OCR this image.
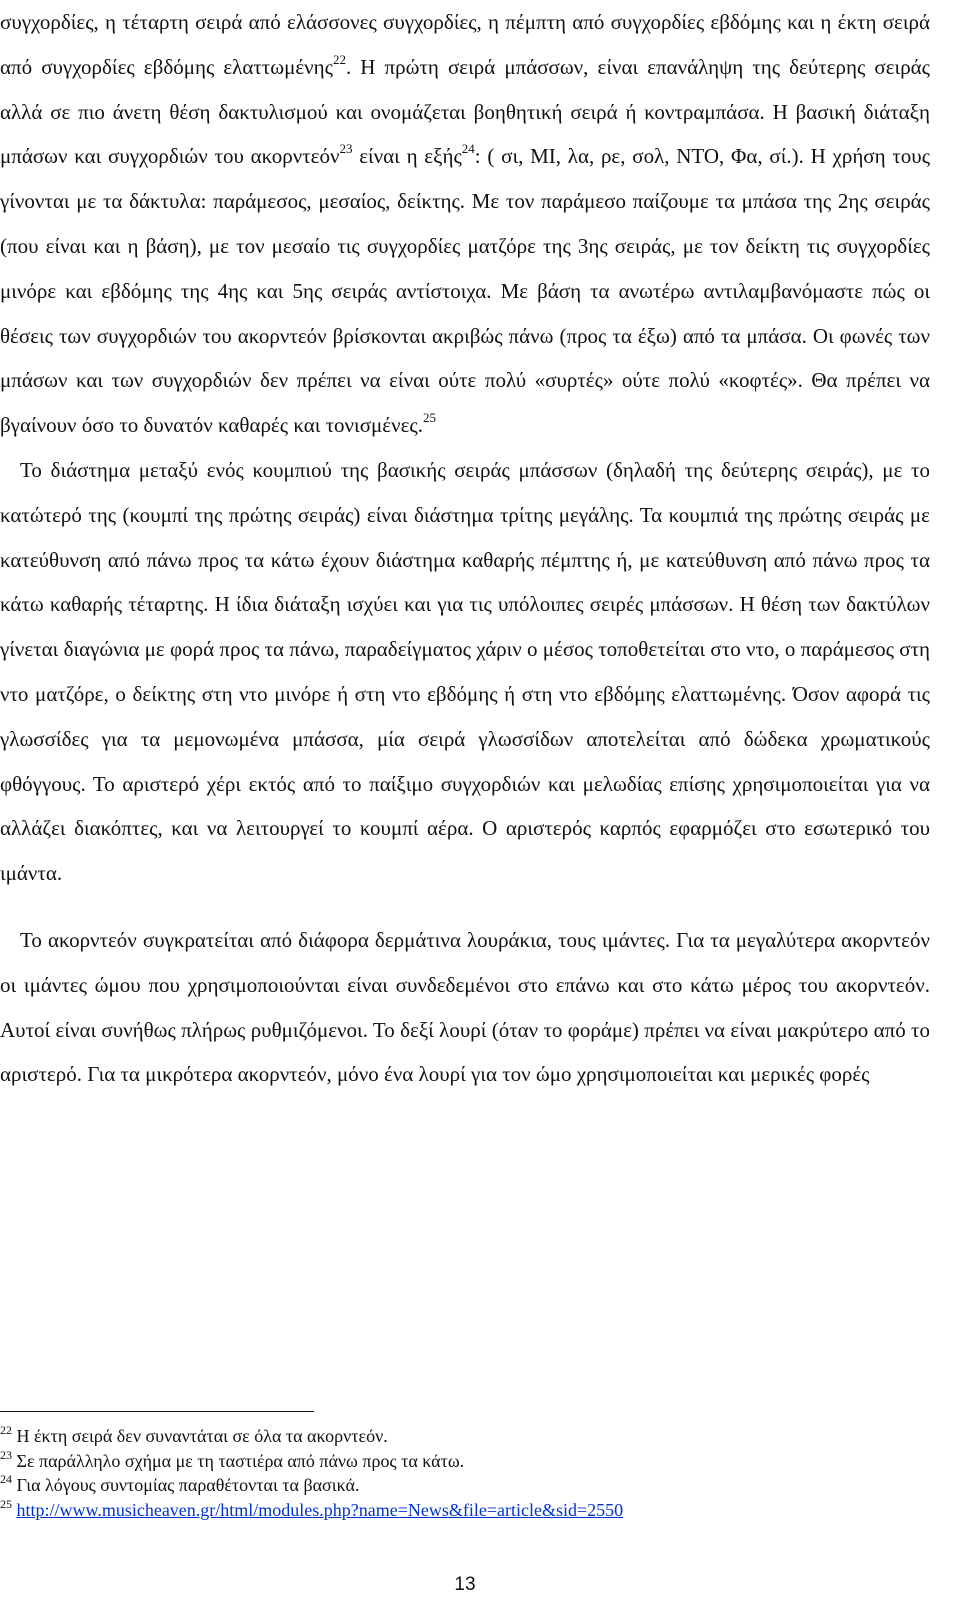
συγχορδίες, η τέταρτη σειρά από ελάσσονες συγχορδίες, η πέμπτη από συγχορδίες εβδόμης και η έκτη σειρά από συγχορδίες εβδόμης ελαττωμένης$^{22}$. Η πρώτη σειρά μπάσσων, είναι επανάληψη της δεύτερης σειράς αλλά σε πιο άνετη θέση δακτυλισμού και ονομάζεται βοηθητική σειρά ή κοντραμπάσα. Η βασική διάταξη μπάσων και συγχορδιών του ακορντεόν$^{23}$ είναι η εξής$^{24}$: ( σι, ΜΙ, λα, ρε, σολ, ΝΤΟ, Φα, σί.). Η χρήση τους γίνονται με τα δάκτυλα: παράμεσος, μεσαίος, δείκτης. Με τον παράμεσο παίζουμε τα μπάσα της 2ης σειράς (που είναι και η βάση), με τον μεσαίο τις συγχορδίες ματζόρε της 3ης σειράς, με τον δείκτη τις συγχορδίες μινόρε και εβδόμης της 4ης και 5ης σειράς αντίστοιχα. Με βάση τα ανωτέρω αντιλαμβανόμαστε πώς οι θέσεις των συγχορδιών του ακορντεόν βρίσκονται ακριβώς πάνω (προς τα έξω) από τα μπάσα. Οι φωνές των μπάσων και των συγχορδιών δεν πρέπει να είναι ούτε πολύ «συρτές» ούτε πολύ «κοφτές». Θα πρέπει να βγαίνουν όσο το δυνατόν καθαρές και τονισμένες.$^{25}$

Το διάστημα μεταξύ ενός κουμπιού της βασικής σειράς μπάσσων (δηλαδή της δεύτερης σειράς), με το κατώτερό της (κουμπί της πρώτης σειράς) είναι διάστημα τρίτης μεγάλης. Τα κουμπιά της πρώτης σειράς με κατεύθυνση από πάνω προς τα κάτω έχουν διάστημα καθαρής πέμπτης ή, με κατεύθυνση από πάνω προς τα κάτω καθαρής τέταρτης. Η ίδια διάταξη ισχύει και για τις υπόλοιπες σειρές μπάσσων. Η θέση των δακτύλων γίνεται διαγώνια με φορά προς τα πάνω, παραδείγματος χάριν ο μέσος τοποθετείται στο ντο, ο παράμεσος στη ντο ματζόρε, ο δείκτης στη ντο μινόρε ή στη ντο εβδόμης ή στη ντο εβδόμης ελαττωμένης. Όσον αφορά τις γλωσσίδες για τα μεμονωμένα μπάσσα, μία σειρά γλωσσίδων αποτελείται από δώδεκα χρωματικούς φθόγγους. Το αριστερό χέρι εκτός από το παίξιμο συγχορδιών και μελωδίας επίσης χρησιμοποιείται για να αλλάζει διακόπτες, και να λειτουργεί το κουμπί αέρα. Ο αριστερός καρπός εφαρμόζει στο εσωτερικό του ιμάντα.

Το ακορντεόν συγκρατείται από διάφορα δερμάτινα λουράκια, τους ιμάντες. Για τα μεγαλύτερα ακορντεόν οι ιμάντες ώμου που χρησιμοποιούνται είναι συνδεδεμένοι στο επάνω και στο κάτω μέρος του ακορντεόν. Αυτοί είναι συνήθως πλήρως ρυθμιζόμενοι. Το δεξί λουρί (όταν το φοράμε) πρέπει να είναι μακρύτερο από το αριστερό. Για τα μικρότερα ακορντεόν, μόνο ένα λουρί για τον ώμο χρησιμοποιείται και μερικές φορές

$^{22}$ Η έκτη σειρά δεν συναντάται σε όλα τα ακορντεόν.

$^{23}$ Σε παράλληλο σχήμα με τη ταστιέρα από πάνω προς τα κάτω.

$^{24}$ Για λόγους συντομίας παραθέτονται τα βασικά.

$^{25}$ http://www.musicheaven.gr/html/modules.php?name=News&file=article&sid=2550

13
